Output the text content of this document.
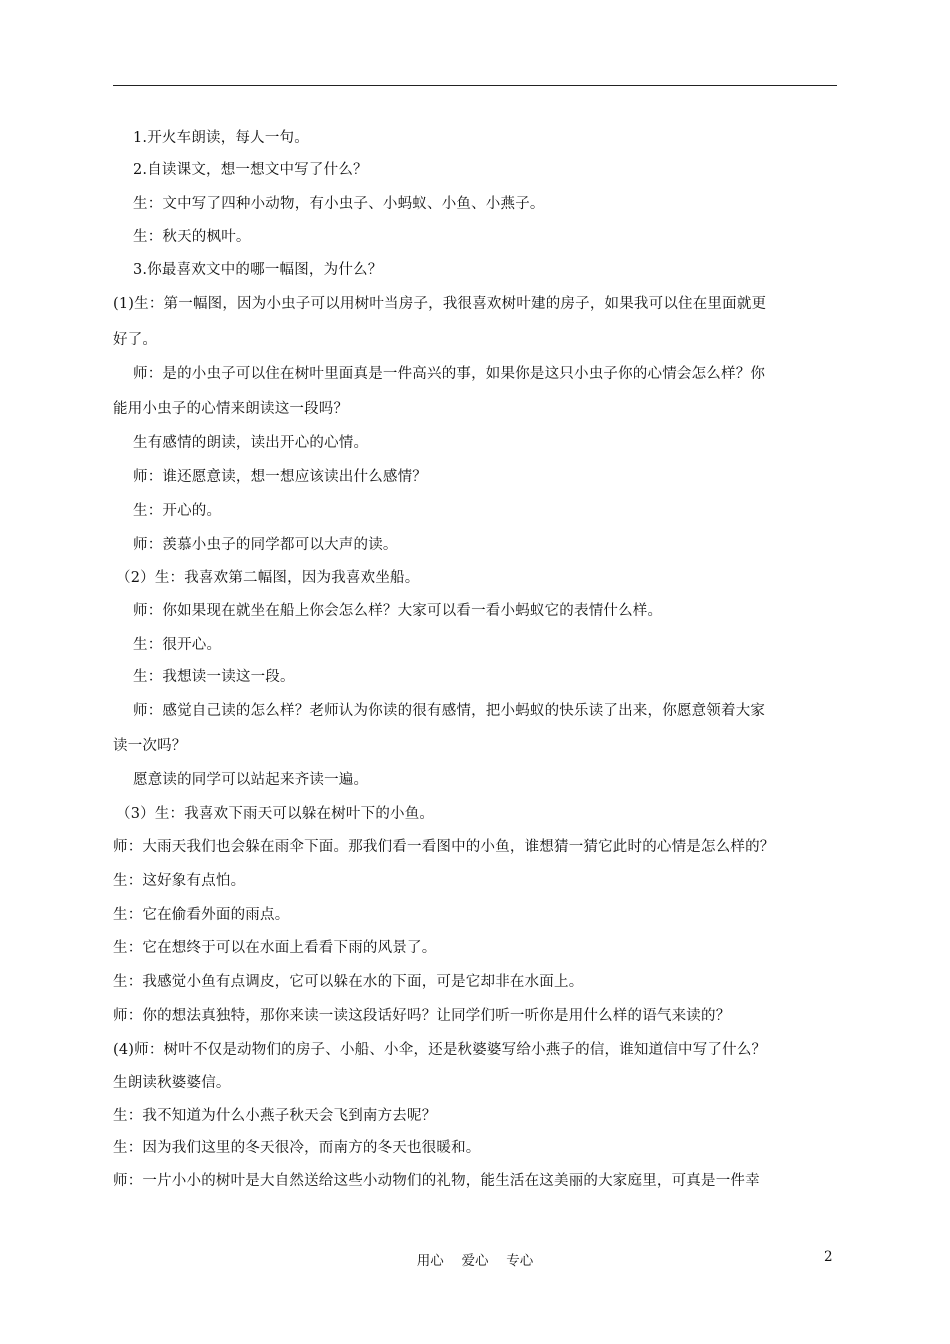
1.开火车朗读，每人一句。
2.自读课文，想一想文中写了什么？
生：文中写了四种小动物，有小虫子、小蚂蚁、小鱼、小燕子。
生：秋天的枫叶。
3.你最喜欢文中的哪一幅图，为什么？
(1)生：第一幅图，因为小虫子可以用树叶当房子，我很喜欢树叶建的房子，如果我可以住在里面就更
好了。
师：是的小虫子可以住在树叶里面真是一件高兴的事，如果你是这只小虫子你的心情会怎么样？你
能用小虫子的心情来朗读这一段吗？
生有感情的朗读，读出开心的心情。
师：谁还愿意读，想一想应该读出什么感情？
生：开心的。
师：羡慕小虫子的同学都可以大声的读。
（2）生：我喜欢第二幅图，因为我喜欢坐船。
师：你如果现在就坐在船上你会怎么样？大家可以看一看小蚂蚁它的表情什么样。
生：很开心。
生：我想读一读这一段。
师：感觉自己读的怎么样？老师认为你读的很有感情，把小蚂蚁的快乐读了出来，你愿意领着大家
读一次吗？
愿意读的同学可以站起来齐读一遍。
（3）生：我喜欢下雨天可以躲在树叶下的小鱼。
师：大雨天我们也会躲在雨伞下面。那我们看一看图中的小鱼，谁想猜一猜它此时的心情是怎么样的？
生：这好象有点怕。
生：它在偷看外面的雨点。
生：它在想终于可以在水面上看看下雨的风景了。
生：我感觉小鱼有点调皮，它可以躲在水的下面，可是它却非在水面上。
师：你的想法真独特，那你来读一读这段话好吗？让同学们听一听你是用什么样的语气来读的？
(4)师：树叶不仅是动物们的房子、小船、小伞，还是秋婆婆写给小燕子的信，谁知道信中写了什么？
生朗读秋婆婆信。
生：我不知道为什么小燕子秋天会飞到南方去呢？
生：因为我们这里的冬天很冷，而南方的冬天也很暖和。
师：一片小小的树叶是大自然送给这些小动物们的礼物，能生活在这美丽的大家庭里，可真是一件幸
用心　 爱心　 专心	2
